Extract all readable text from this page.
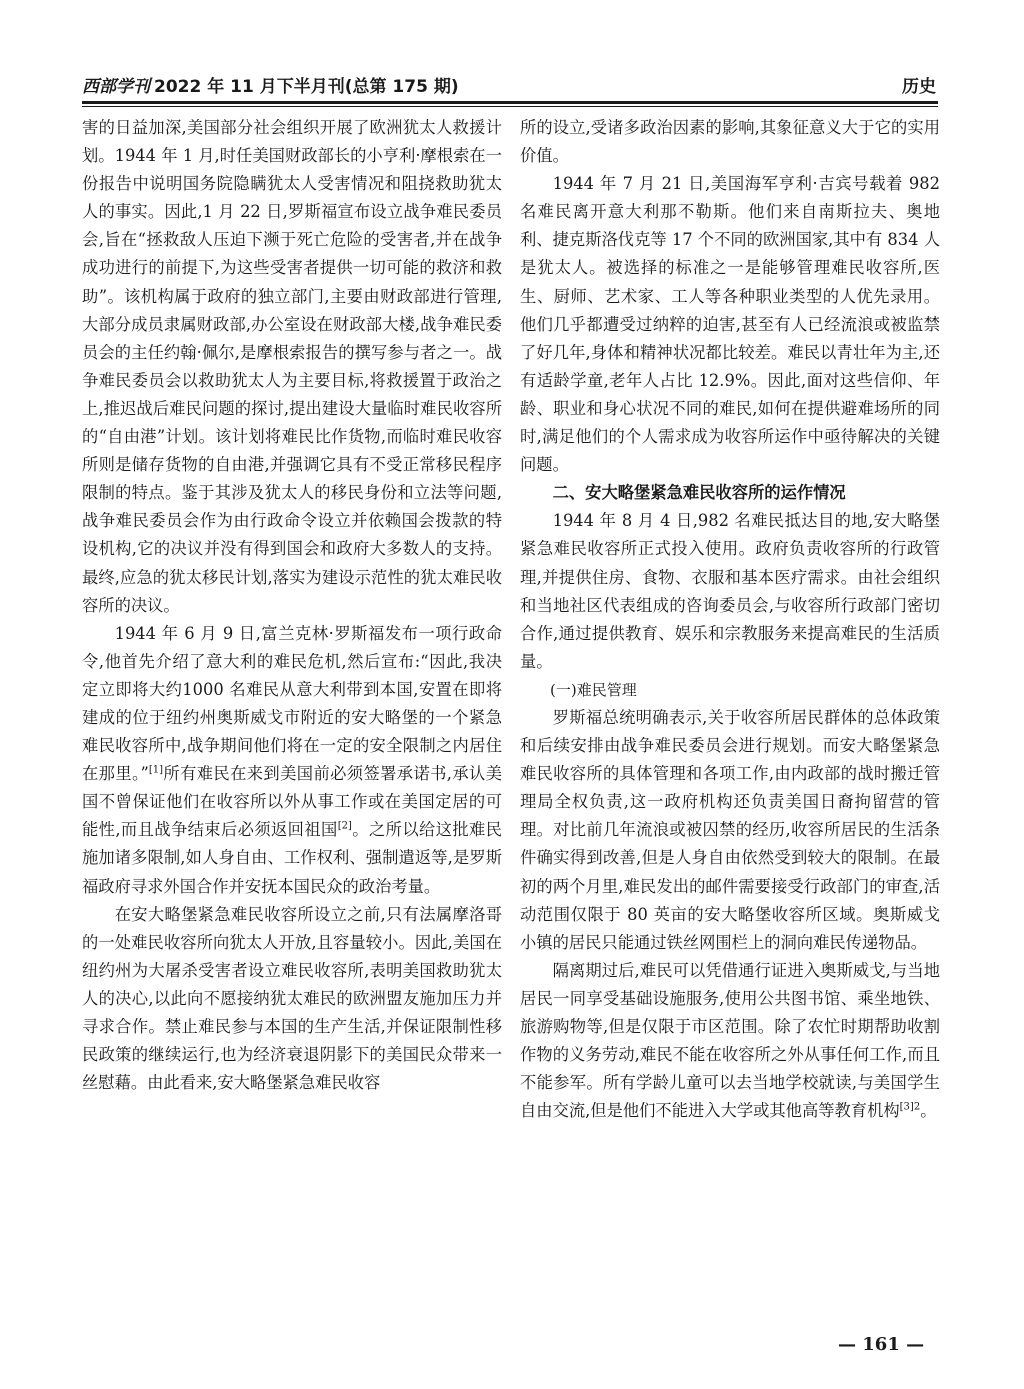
西部学刊 2022 年 11 月下半月刊(总第 175 期)	历史

害的日益加深,美国部分社会组织开展了欧洲犹太人救援计划。1944 年 1 月,时任美国财政部长的小亨利·摩根索在一份报告中说明国务院隐瞒犹太人受害情况和阻挠救助犹太人的事实。因此,1 月 22 日,罗斯福宣布设立战争难民委员会,旨在“拯救敌人压迫下濒于死亡危险的受害者,并在战争成功进行的前提下,为这些受害者提供一切可能的救济和救助”。该机构属于政府的独立部门,主要由财政部进行管理,大部分成员隶属财政部,办公室设在财政部大楼,战争难民委员会的主任约翰·佩尔,是摩根索报告的撰写参与者之一。战争难民委员会以救助犹太人为主要目标,将救援置于政治之上,推迟战后难民问题的探讨,提出建设大量临时难民收容所的“自由港”计划。该计划将难民比作货物,而临时难民收容所则是储存货物的自由港,并强调它具有不受正常移民程序限制的特点。鉴于其涉及犹太人的移民身份和立法等问题,战争难民委员会作为由行政命令设立并依赖国会拨款的特设机构,它的决议并没有得到国会和政府大多数人的支持。最终,应急的犹太移民计划,落实为建设示范性的犹太难民收容所的决议。

1944 年 6 月 9 日,富兰克林·罗斯福发布一项行政命令,他首先介绍了意大利的难民危机,然后宣布:“因此,我决定立即将大约1000 名难民从意大利带到本国,安置在即将建成的位于纽约州奥斯威戈市附近的安大略堡的一个紧急难民收容所中,战争期间他们将在一定的安全限制之内居住在那里。”[1]所有难民在来到美国前必须签署承诺书,承认美国不曾保证他们在收容所以外从事工作或在美国定居的可能性,而且战争结束后必须返回祖国[2]。之所以给这批难民施加诸多限制,如人身自由、工作权利、强制遣返等,是罗斯福政府寻求外国合作并安抚本国民众的政治考量。

在安大略堡紧急难民收容所设立之前,只有法属摩洛哥的一处难民收容所向犹太人开放,且容量较小。因此,美国在纽约州为大屠杀受害者设立难民收容所,表明美国救助犹太人的决心,以此向不愿接纳犹太难民的欧洲盟友施加压力并寻求合作。禁止难民参与本国的生产生活,并保证限制性移民政策的继续运行,也为经济衰退阴影下的美国民众带来一丝慰藉。由此看来,安大略堡紧急难民收容

所的设立,受诸多政治因素的影响,其象征意义大于它的实用价值。

1944 年 7 月 21 日,美国海军亨利·吉宾号载着 982 名难民离开意大利那不勒斯。他们来自南斯拉夫、奥地利、捷克斯洛伐克等 17 个不同的欧洲国家,其中有 834 人是犹太人。被选择的标准之一是能够管理难民收容所,医生、厨师、艺术家、工人等各种职业类型的人优先录用。他们几乎都遭受过纳粹的迫害,甚至有人已经流浪或被监禁了好几年,身体和精神状况都比较差。难民以青壮年为主,还有适龄学童,老年人占比 12.9%。因此,面对这些信仰、年龄、职业和身心状况不同的难民,如何在提供避难场所的同时,满足他们的个人需求成为收容所运作中亟待解决的关键问题。

二、安大略堡紧急难民收容所的运作情况

1944 年 8 月 4 日,982 名难民抵达目的地,安大略堡紧急难民收容所正式投入使用。政府负责收容所的行政管理,并提供住房、食物、衣服和基本医疗需求。由社会组织和当地社区代表组成的咨询委员会,与收容所行政部门密切合作,通过提供教育、娱乐和宗教服务来提高难民的生活质量。

(一)难民管理

罗斯福总统明确表示,关于收容所居民群体的总体政策和后续安排由战争难民委员会进行规划。而安大略堡紧急难民收容所的具体管理和各项工作,由内政部的战时搬迁管理局全权负责,这一政府机构还负责美国日裔拘留营的管理。对比前几年流浪或被囚禁的经历,收容所居民的生活条件确实得到改善,但是人身自由依然受到较大的限制。在最初的两个月里,难民发出的邮件需要接受行政部门的审查,活动范围仅限于 80 英亩的安大略堡收容所区域。奥斯威戈小镇的居民只能通过铁丝网围栏上的洞向难民传递物品。

隔离期过后,难民可以凭借通行证进入奥斯威戈,与当地居民一同享受基础设施服务,使用公共图书馆、乘坐地铁、旅游购物等,但是仅限于市区范围。除了农忙时期帮助收割作物的义务劳动,难民不能在收容所之外从事任何工作,而且不能参军。所有学龄儿童可以去当地学校就读,与美国学生自由交流,但是他们不能进入大学或其他高等教育机构$^{[3]2}$。

— 161 —
